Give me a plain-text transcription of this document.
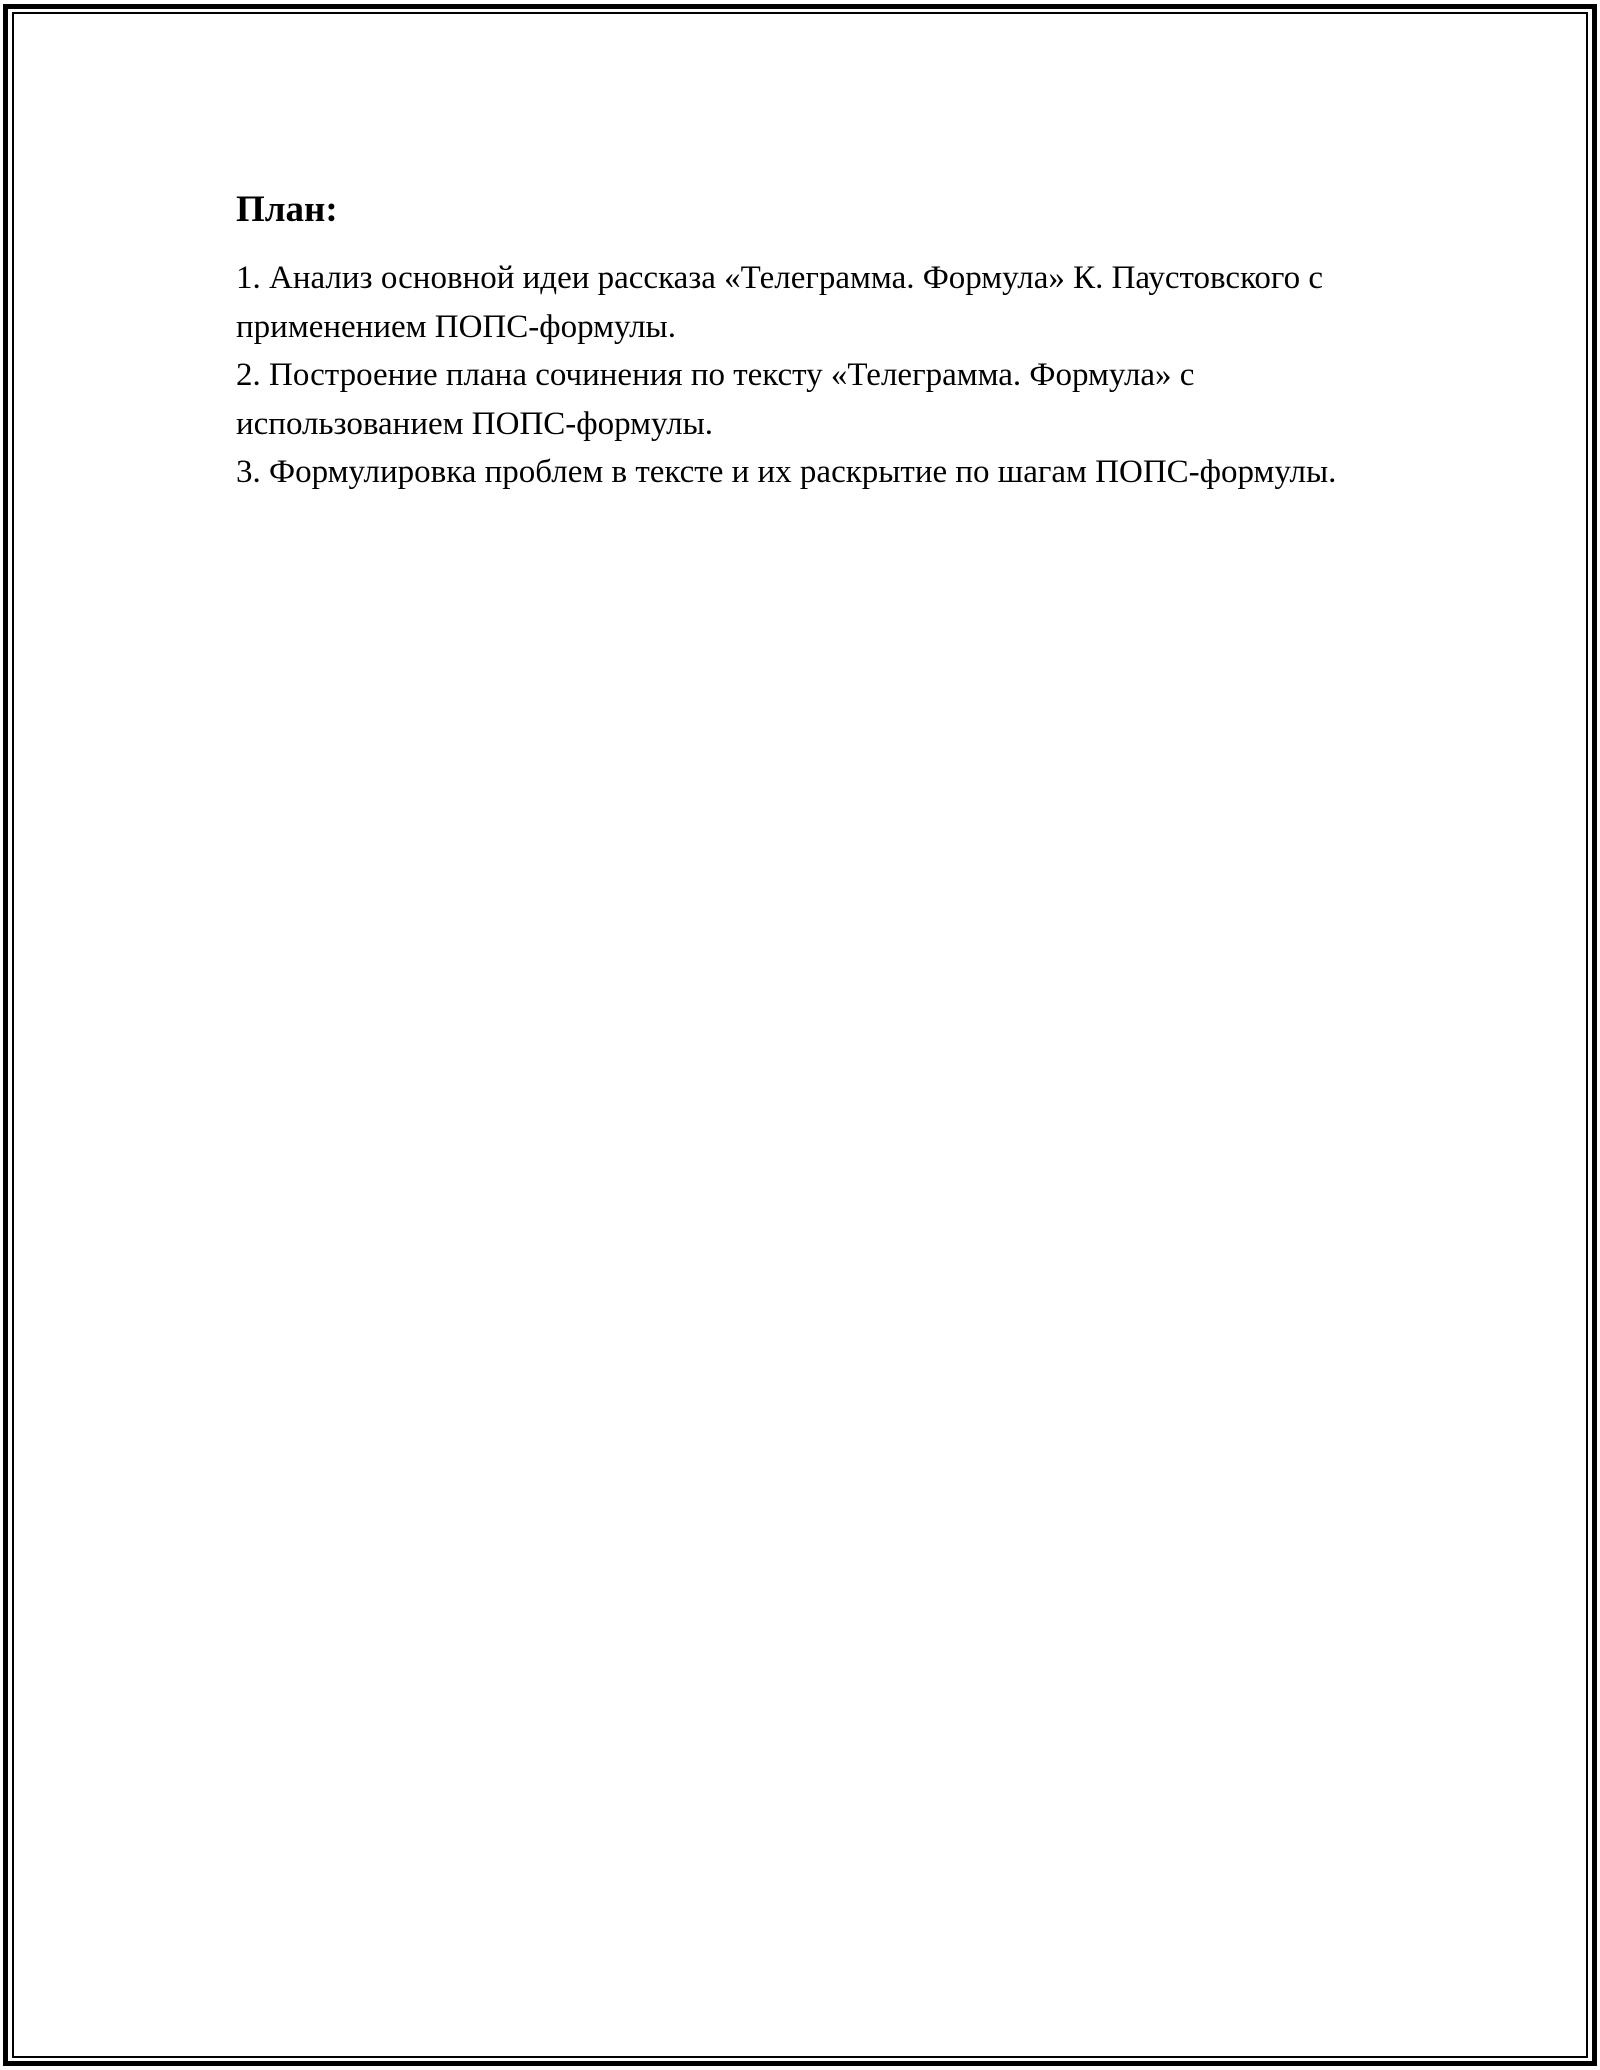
План:
1. Анализ основной идеи рассказа «Телеграмма. Формула» К. Паустовского с применением ПОПС-формулы.
2. Построение плана сочинения по тексту «Телеграмма. Формула» с использованием ПОПС-формулы.
3. Формулировка проблем в тексте и их раскрытие по шагам ПОПС-формулы.
